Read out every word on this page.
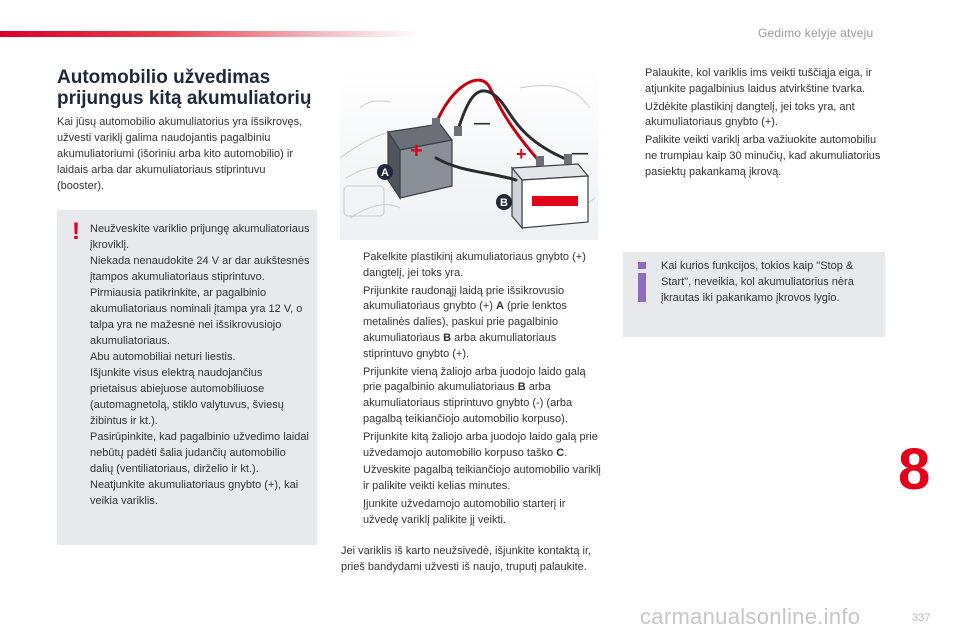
Gedimo kelyje atveju
Automobilio užvedimas
prijungus kitą akumuliatorių
Kai jūsų automobilio akumuliatorius yra išsikrovęs, užvesti variklį galima naudojantis pagalbiniu akumuliatoriumi (išoriniu arba kito automobilio) ir laidais arba dar akumuliatoriaus stiprintuvu (booster).
! Neužveskite variklio prijungę akumuliatoriaus įkroviklį.
Niekada nenaudokite 24 V ar dar aukštesnės įtampos akumuliatoriaus stiprintuvo.
Pirmiausia patikrinkite, ar pagalbinio akumuliatoriaus nominali įtampa yra 12 V, o talpa yra ne mažesnė nei išsikrovusiojo akumuliatoriaus.
Abu automobiliai neturi liestis.
Išjunkite visus elektrą naudojančius prietaisus abiejuose automobiliuose (automagnetolą, stiklo valytuvus, šviesų žibintus ir kt.).
Pasirūpinkite, kad pagalbinio užvedimo laidai nebūtų padėti šalia judančių automobilio dalių (ventiliatoriaus, dirželio ir kt.).
Neatjunkite akumuliatoriaus gnybto (+), kai veikia variklis.
+	—
—
+
A
B
Pakelkite plastikinį akumuliatoriaus gnybto (+) dangtelį, jei toks yra.
Prijunkite raudonąjį laidą prie išsikrovusio akumuliatoriaus gnybto (+) A (prie lenktos metalinės dalies), paskui prie pagalbinio akumuliatoriaus B arba akumuliatoriaus stiprintuvo gnybto (+).
Prijunkite vieną žaliojo arba juodojo laido galą prie pagalbinio akumuliatoriaus B arba akumuliatoriaus stiprintuvo gnybto (-) (arba pagalbą teikiančiojo automobilio korpuso).
Prijunkite kitą žaliojo arba juodojo laido galą prie užvedamojo automobilio korpuso taško C.
Užveskite pagalbą teikiančiojo automobilio variklį ir palikite veikti kelias minutes.
Įjunkite užvedamojo automobilio starterį ir užvedę variklį palikite jį veikti.
Jei variklis iš karto neužsivedė, išjunkite kontaktą ir, prieš bandydami užvesti iš naujo, truputį palaukite.
Palaukite, kol variklis ims veikti tuščiąja eiga, ir atjunkite pagalbinius laidus atvirkštine tvarka.
Uždėkite plastikinį dangtelį, jei toks yra, ant akumuliatoriaus gnybto (+).
Palikite veikti variklį arba važiuokite automobiliu ne trumpiau kaip 30 minučių, kad akumuliatorius pasiektų pakankamą įkrovą.
Kai kurios funkcijos, tokios kaip "Stop & Start", neveikia, kol akumuliatorius nėra įkrautas iki pakankamo įkrovos lygio.
8
carmanualsonline.info	337
